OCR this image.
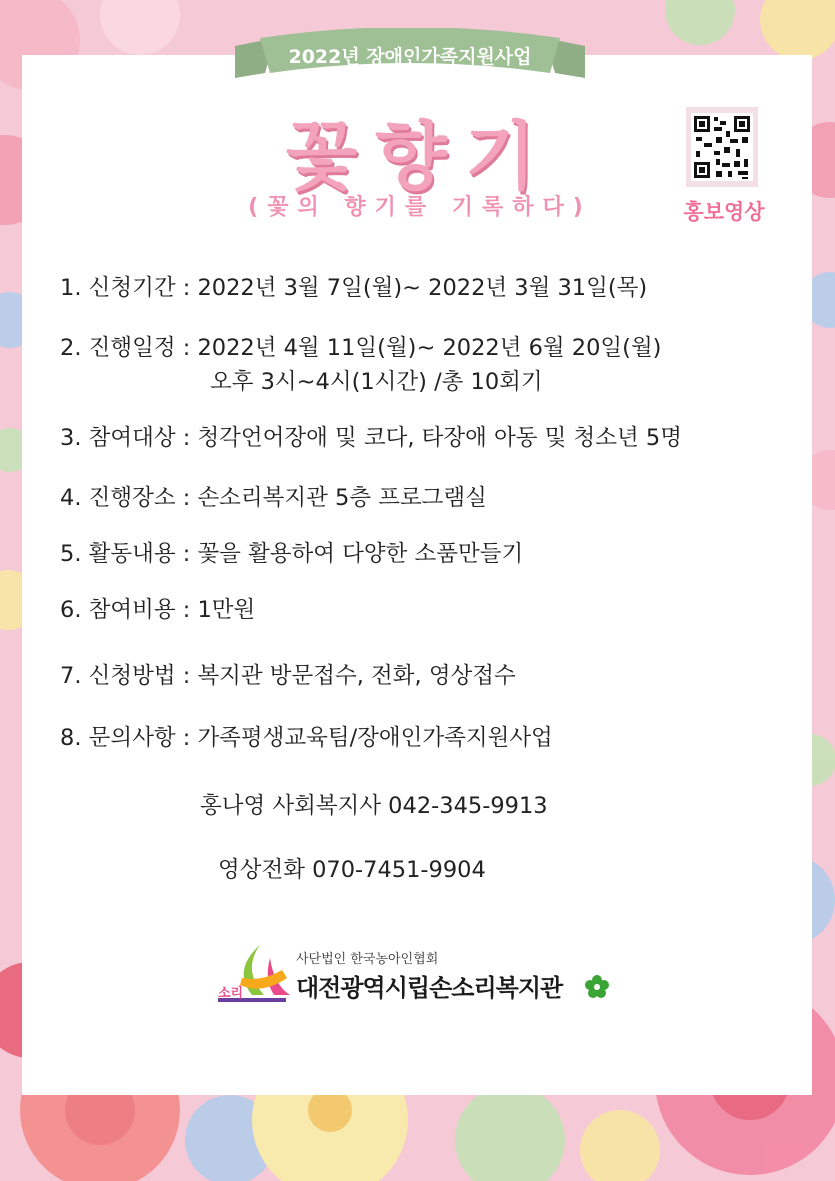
2022년 장애인가족지원사업
꽃향기
(꽃의 향기를 기록하다)	홍보영상
1. 신청기간 : 2022년 3월 7일(월)~ 2022년 3월 31일(목)
2. 진행일정 : 2022년 4월 11일(월)~ 2022년 6월 20일(월)
오후 3시~4시(1시간) /총 10회기
3. 참여대상 : 청각언어장애 및 코다, 타장애 아동 및 청소년 5명
4. 진행장소 : 손소리복지관 5층 프로그램실
5. 활동내용 : 꽃을 활용하여 다양한 소품만들기
6. 참여비용 : 1만원
7. 신청방법 : 복지관 방문접수, 전화, 영상접수
8. 문의사항 : 가족평생교육팀/장애인가족지원사업
홍나영 사회복지사 042-345-9913
영상전화 070-7451-9904
소리
사단법인 한국농아인협회
대전광역시립손소리복지관
